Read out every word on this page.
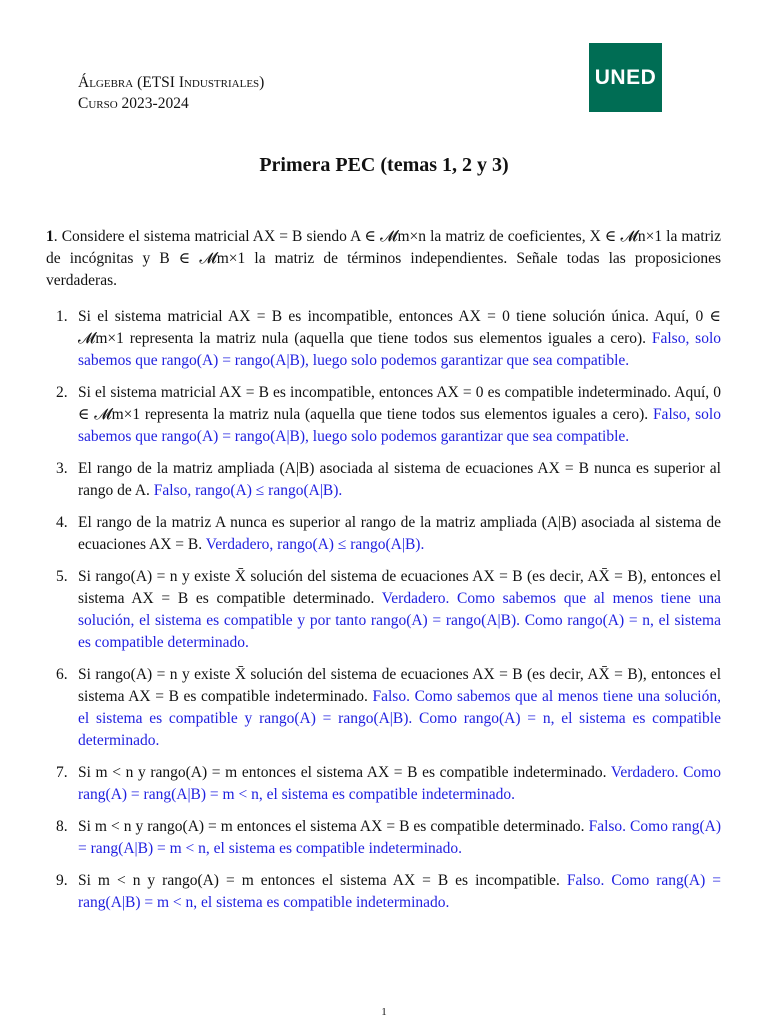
Álgebra (ETSI Industriales)
Curso 2023-2024
UNED
Primera PEC (temas 1, 2 y 3)
1. Considere el sistema matricial AX = B siendo A ∈ 𝓜m×n la matriz de coeficientes, X ∈ 𝓜n×1 la matriz de incógnitas y B ∈ 𝓜m×1 la matriz de términos independientes. Señale todas las proposiciones verdaderas.
1. Si el sistema matricial AX = B es incompatible, entonces AX = 0 tiene solución única. Aquí, 0 ∈ 𝓜m×1 representa la matriz nula (aquella que tiene todos sus elementos iguales a cero). Falso, solo sabemos que rango(A) = rango(A|B), luego solo podemos garantizar que sea compatible.
2. Si el sistema matricial AX = B es incompatible, entonces AX = 0 es compatible indeterminado. Aquí, 0 ∈ 𝓜m×1 representa la matriz nula (aquella que tiene todos sus elementos iguales a cero). Falso, solo sabemos que rango(A) = rango(A|B), luego solo podemos garantizar que sea compatible.
3. El rango de la matriz ampliada (A|B) asociada al sistema de ecuaciones AX = B nunca es superior al rango de A. Falso, rango(A) ≤ rango(A|B).
4. El rango de la matriz A nunca es superior al rango de la matriz ampliada (A|B) asociada al sistema de ecuaciones AX = B. Verdadero, rango(A) ≤ rango(A|B).
5. Si rango(A) = n y existe X̄ solución del sistema de ecuaciones AX = B (es decir, AX̄ = B), entonces el sistema AX = B es compatible determinado. Verdadero. Como sabemos que al menos tiene una solución, el sistema es compatible y por tanto rango(A) = rango(A|B). Como rango(A) = n, el sistema es compatible determinado.
6. Si rango(A) = n y existe X̄ solución del sistema de ecuaciones AX = B (es decir, AX̄ = B), entonces el sistema AX = B es compatible indeterminado. Falso. Como sabemos que al menos tiene una solución, el sistema es compatible y rango(A) = rango(A|B). Como rango(A) = n, el sistema es compatible determinado.
7. Si m < n y rango(A) = m entonces el sistema AX = B es compatible indeterminado. Verdadero. Como rang(A) = rang(A|B) = m < n, el sistema es compatible indeterminado.
8. Si m < n y rango(A) = m entonces el sistema AX = B es compatible determinado. Falso. Como rang(A) = rang(A|B) = m < n, el sistema es compatible indeterminado.
9. Si m < n y rango(A) = m entonces el sistema AX = B es incompatible. Falso. Como rang(A) = rang(A|B) = m < n, el sistema es compatible indeterminado.
1
